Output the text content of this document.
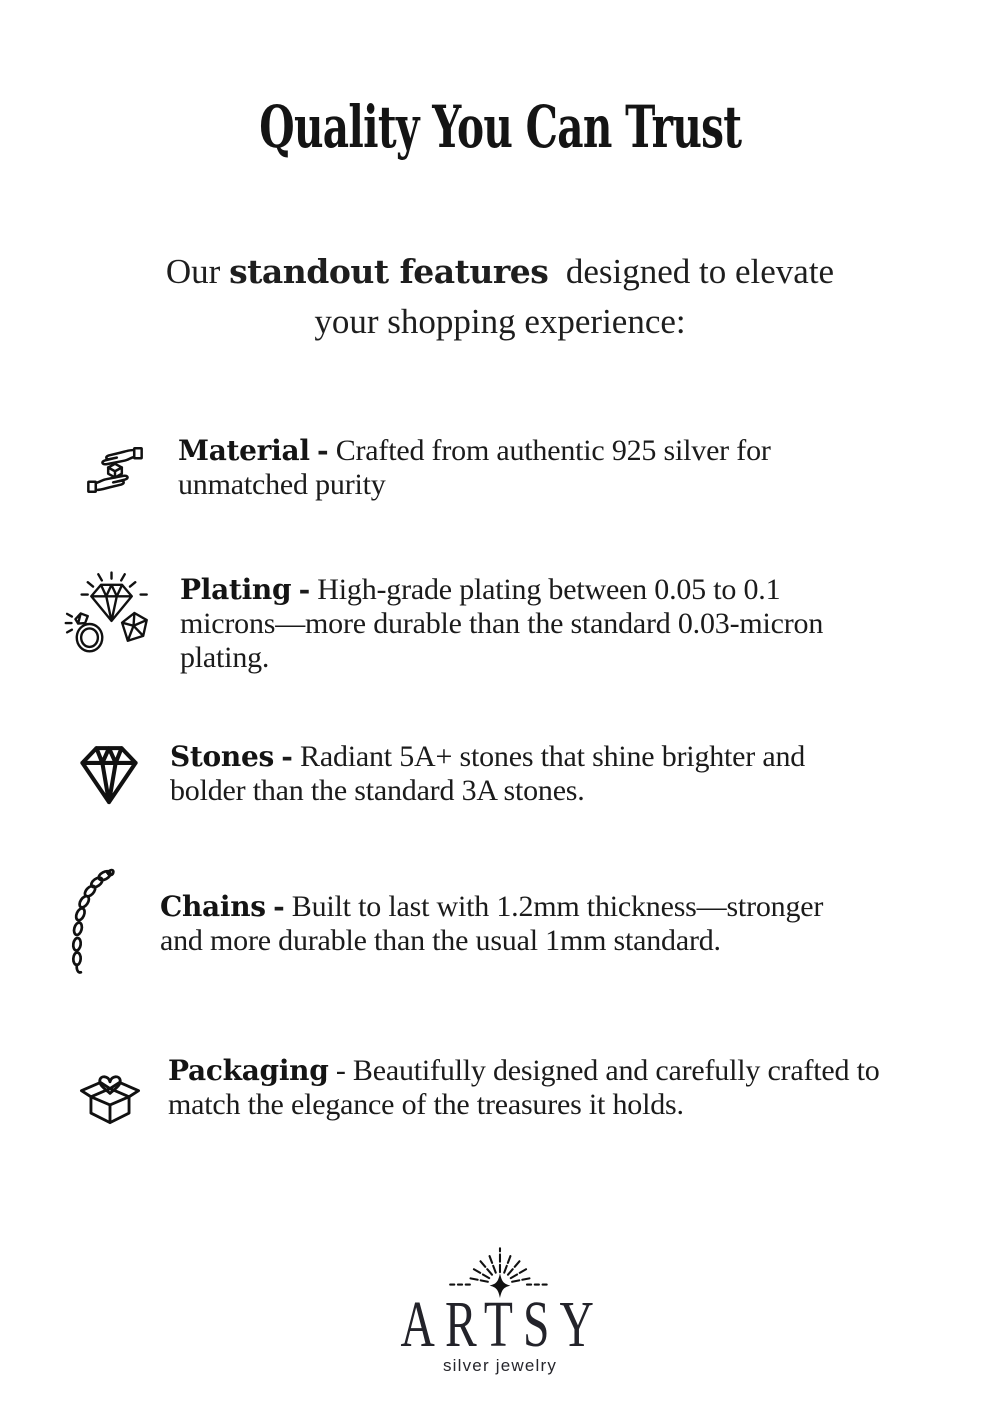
Quality You Can Trust

Our standout features  designed to elevate your shopping experience:

Material - Crafted from authentic 925 silver for unmatched purity

Plating - High-grade plating between 0.05 to 0.1 microns—more durable than the standard 0.03-micron plating.

Stones - Radiant 5A+ stones that shine brighter and bolder than the standard 3A stones.

Chains - Built to last with 1.2mm thickness—stronger and more durable than the usual 1mm standard.

Packaging - Beautifully designed and carefully crafted to match the elegance of the treasures it holds.

ARTSY

silver jewelry
